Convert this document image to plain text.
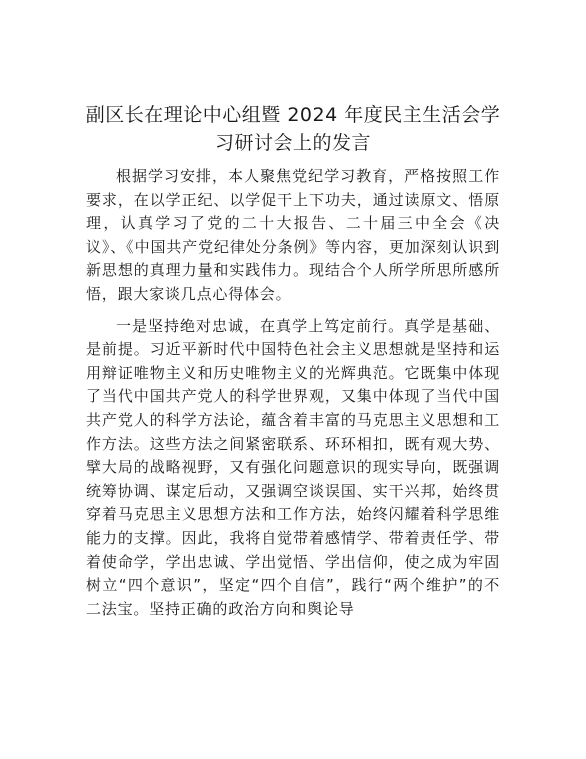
副区长在理论中心组暨 2024 年度民主生活会学习研讨会上的发言

根据学习安排，本人聚焦党纪学习教育，严格按照工作要求，在以学正纪、以学促干上下功夫，通过读原文、悟原理，认真学习了党的二十大报告、二十届三中全会《决议》、《中国共产党纪律处分条例》等内容，更加深刻认识到新思想的真理力量和实践伟力。现结合个人所学所思所感所悟，跟大家谈几点心得体会。

一是坚持绝对忠诚，在真学上笃定前行。真学是基础、是前提。习近平新时代中国特色社会主义思想就是坚持和运用辩证唯物主义和历史唯物主义的光辉典范。它既集中体现了当代中国共产党人的科学世界观，又集中体现了当代中国共产党人的科学方法论，蕴含着丰富的马克思主义思想和工作方法。这些方法之间紧密联系、环环相扣，既有观大势、擘大局的战略视野，又有强化问题意识的现实导向，既强调统筹协调、谋定后动，又强调空谈误国、实干兴邦，始终贯穿着马克思主义思想方法和工作方法，始终闪耀着科学思维能力的支撑。因此，我将自觉带着感情学、带着责任学、带着使命学，学出忠诚、学出觉悟、学出信仰，使之成为牢固树立“四个意识”，坚定“四个自信”，践行“两个维护”的不二法宝。坚持正确的政治方向和舆论导
